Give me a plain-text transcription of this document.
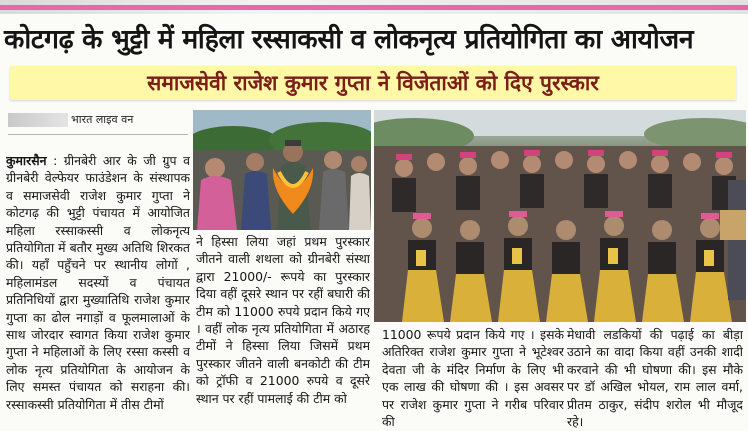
कोटगढ़ के भुट्टी में महिला रस्साकसी व लोकनृत्य प्रतियोगिता का आयोजन
समाजसेवी राजेश कुमार गुप्ता ने विजेताओं को दिए पुरस्कार
भारत लाइव वन
कुमारसैन : ग्रीनबेरी आर के जी ग्रुप व ग्रीनबेरी वेल्फेयर फाउंडेशन के संस्थापक व समाजसेवी राजेश कुमार गुप्ता ने कोटगढ़ की भुट्टी पंचायत में आयोजित महिला रस्साकस्सी व लोकनृत्य प्रतियोगिता में बतौर मुख्य अतिथि शिरकत की। यहाँ पहुँचने पर स्थानीय लोगों , महिलामंडल सदस्यों व पंचायत प्रतिनिधियों द्वारा मुख्यातिथि राजेश कुमार गुप्ता का ढोल नगाड़ों व फूलमालाओं के साथ जोरदार स्वागत किया राजेश कुमार गुप्ता ने महिलाओं के लिए रस्सा कस्सी व लोक नृत्य प्रतियोगिता के आयोजन के लिए समस्त पंचायत को सराहना की। रस्साकस्सी प्रतियोगिता में तीस टीमों
ने हिस्सा लिया जहां प्रथम पुरस्कार जीतने वाली शथला को ग्रीनबेरी संस्था द्वारा 21000/- रूपये का पुरस्कार दिया वहीं दूसरे स्थान पर रहीं बघारी की टीम को 11000 रुपये प्रदान किये गए । वहीं लोक नृत्य प्रतियोगिता में अठारह टीमों ने हिस्सा लिया जिसमें प्रथम पुरस्कार जीतने वाली बनकोटी की टीम को ट्रॉफी व 21000 रुपये व दूसरे स्थान पर रहीं पामलाई की टीम को
11000 रूपये प्रदान किये गए । इसके अतिरिक्त राजेश कुमार गुप्ता ने भूटेश्वर देवता जी के मंदिर निर्माण के लिए भी एक लाख की घोषणा की । इस अवसर पर राजेश कुमार गुप्ता ने गरीब परिवार की
मेधावी लडकियों की पढ़ाई का बीड़ा उठाने का वादा किया वहीं उनकी शादी करवाने की भी घोषणा की। इस मौके पर डॉ अखिल भोयल, राम लाल वर्मा, प्रीतम ठाकुर, संदीप शरोल भी मौजूद रहे।
